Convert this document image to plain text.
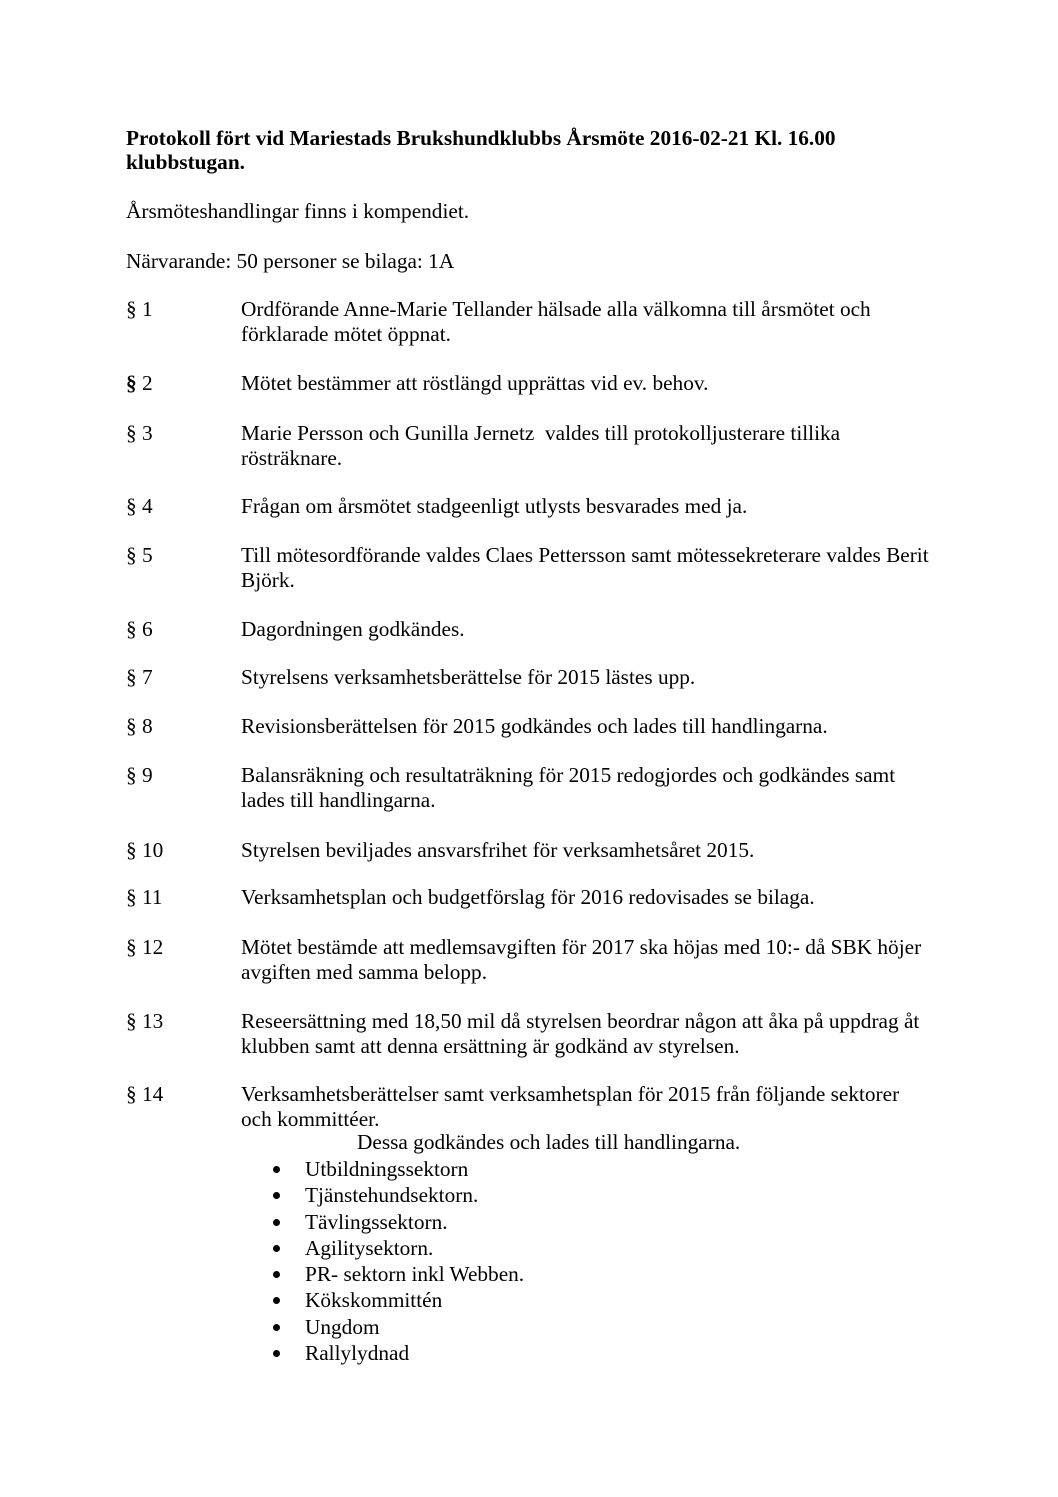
Protokoll fört vid Mariestads Brukshundklubbs Årsmöte 2016-02-21 Kl. 16.00
klubbstugan.
Årsmöteshandlingar finns i kompendiet.
Närvarande: 50 personer se bilaga: 1A
§ 1	Ordförande Anne-Marie Tellander hälsade alla välkomna till årsmötet och
förklarade mötet öppnat.
§ 2	Mötet bestämmer att röstlängd upprättas vid ev. behov.
§ 3	Marie Persson och Gunilla Jernetz  valdes till protokolljusterare tillika
rösträknare.
§ 4	Frågan om årsmötet stadgeenligt utlysts besvarades med ja.
§ 5	Till mötesordförande valdes Claes Pettersson samt mötessekreterare valdes Berit
Björk.
§ 6	Dagordningen godkändes.
§ 7	Styrelsens verksamhetsberättelse för 2015 lästes upp.
§ 8	Revisionsberättelsen för 2015 godkändes och lades till handlingarna.
§ 9	Balansräkning och resultaträkning för 2015 redogjordes och godkändes samt
lades till handlingarna.
§ 10	Styrelsen beviljades ansvarsfrihet för verksamhetsåret 2015.
§ 11	Verksamhetsplan och budgetförslag för 2016 redovisades se bilaga.
§ 12	Mötet bestämde att medlemsavgiften för 2017 ska höjas med 10:- då SBK höjer
avgiften med samma belopp.
§ 13	Reseersättning med 18,50 mil då styrelsen beordrar någon att åka på uppdrag åt
klubben samt att denna ersättning är godkänd av styrelsen.
§ 14	Verksamhetsberättelser samt verksamhetsplan för 2015 från följande sektorer
och kommittéer.
Dessa godkändes och lades till handlingarna.
Utbildningssektorn
Tjänstehundsektorn.
Tävlingssektorn.
Agilitysektorn.
PR- sektorn inkl Webben.
Kökskommittén
Ungdom
Rallylydnad
